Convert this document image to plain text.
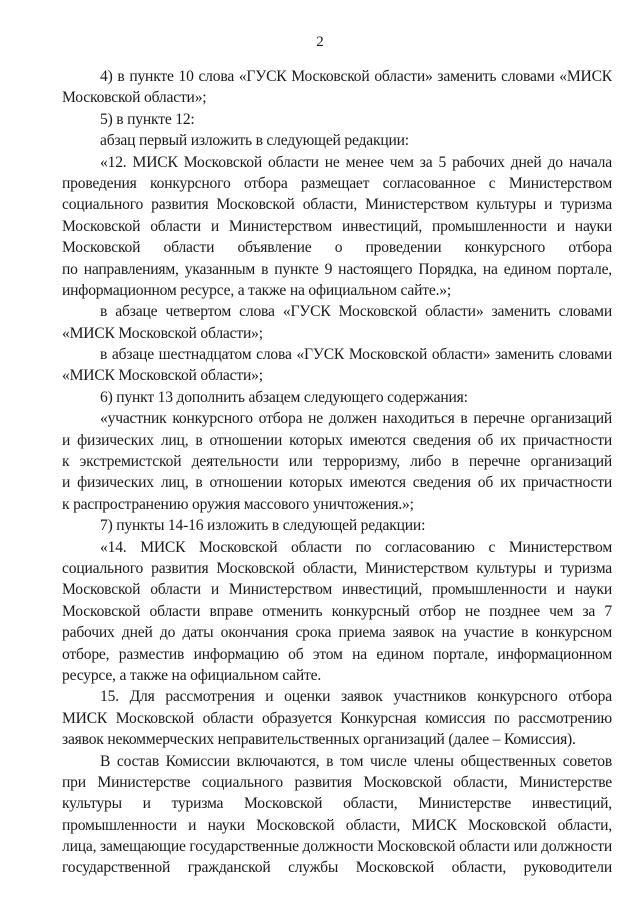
2
4) в пункте 10 слова «ГУСК Московской области» заменить словами «МИСК
Московской области»;
5) в пункте 12:
абзац первый изложить в следующей редакции:
«12. МИСК Московской области не менее чем за 5 рабочих дней до начала
проведения конкурсного отбора размещает согласованное с Министерством
социального развития Московской области, Министерством культуры и туризма
Московской области и Министерством инвестиций, промышленности и науки
Московской области объявление о проведении конкурсного отбора
по направлениям, указанным в пункте 9 настоящего Порядка, на едином портале,
информационном ресурсе, а также на официальном сайте.»;
в абзаце четвертом слова «ГУСК Московской области» заменить словами
«МИСК Московской области»;
в абзаце шестнадцатом слова «ГУСК Московской области» заменить словами
«МИСК Московской области»;
6) пункт 13 дополнить абзацем следующего содержания:
«участник конкурсного отбора не должен находиться в перечне организаций
и физических лиц, в отношении которых имеются сведения об их причастности
к экстремистской деятельности или терроризму, либо в перечне организаций
и физических лиц, в отношении которых имеются сведения об их причастности
к распространению оружия массового уничтожения.»;
7) пункты 14-16 изложить в следующей редакции:
«14. МИСК Московской области по согласованию с Министерством
социального развития Московской области, Министерством культуры и туризма
Московской области и Министерством инвестиций, промышленности и науки
Московской области вправе отменить конкурсный отбор не позднее чем за 7
рабочих дней до даты окончания срока приема заявок на участие в конкурсном
отборе, разместив информацию об этом на едином портале, информационном
ресурсе, а также на официальном сайте.
15. Для рассмотрения и оценки заявок участников конкурсного отбора
МИСК Московской области образуется Конкурсная комиссия по рассмотрению
заявок некоммерческих неправительственных организаций (далее – Комиссия).
В состав Комиссии включаются, в том числе члены общественных советов
при Министерстве социального развития Московской области, Министерстве
культуры и туризма Московской области, Министерстве инвестиций,
промышленности и науки Московской области, МИСК Московской области,
лица, замещающие государственные должности Московской области или должности
государственной гражданской службы Московской области, руководители
